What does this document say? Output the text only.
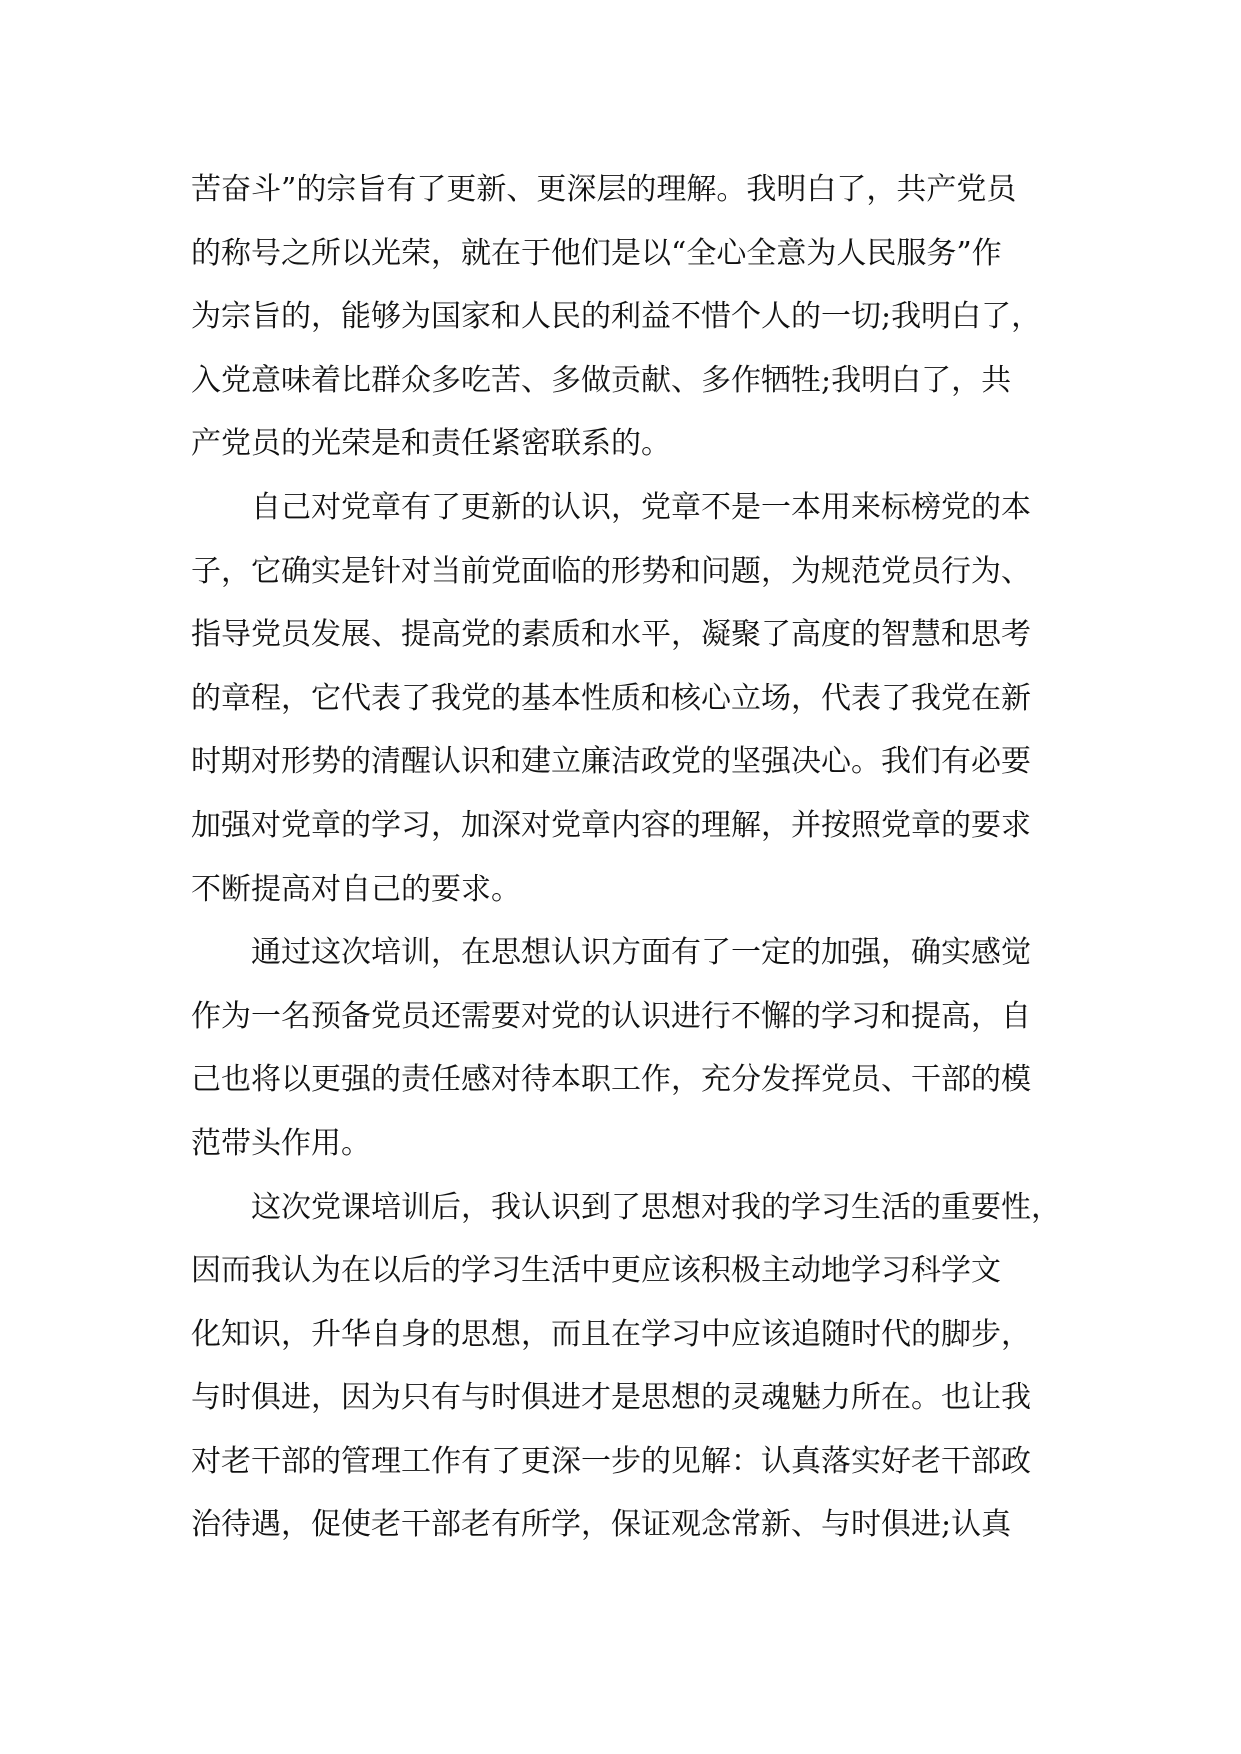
苦奋斗”的宗旨有了更新、更深层的理解。我明白了，共产党员
的称号之所以光荣，就在于他们是以“全心全意为人民服务”作
为宗旨的，能够为国家和人民的利益不惜个人的一切;我明白了，
入党意味着比群众多吃苦、多做贡献、多作牺牲;我明白了，共
产党员的光荣是和责任紧密联系的。
自己对党章有了更新的认识，党章不是一本用来标榜党的本
子，它确实是针对当前党面临的形势和问题，为规范党员行为、
指导党员发展、提高党的素质和水平，凝聚了高度的智慧和思考
的章程，它代表了我党的基本性质和核心立场，代表了我党在新
时期对形势的清醒认识和建立廉洁政党的坚强决心。我们有必要
加强对党章的学习，加深对党章内容的理解，并按照党章的要求
不断提高对自己的要求。
通过这次培训，在思想认识方面有了一定的加强，确实感觉
作为一名预备党员还需要对党的认识进行不懈的学习和提高，自
己也将以更强的责任感对待本职工作，充分发挥党员、干部的模
范带头作用。
这次党课培训后，我认识到了思想对我的学习生活的重要性，
因而我认为在以后的学习生活中更应该积极主动地学习科学文
化知识，升华自身的思想，而且在学习中应该追随时代的脚步，
与时俱进，因为只有与时俱进才是思想的灵魂魅力所在。也让我
对老干部的管理工作有了更深一步的见解：认真落实好老干部政
治待遇，促使老干部老有所学，保证观念常新、与时俱进;认真
